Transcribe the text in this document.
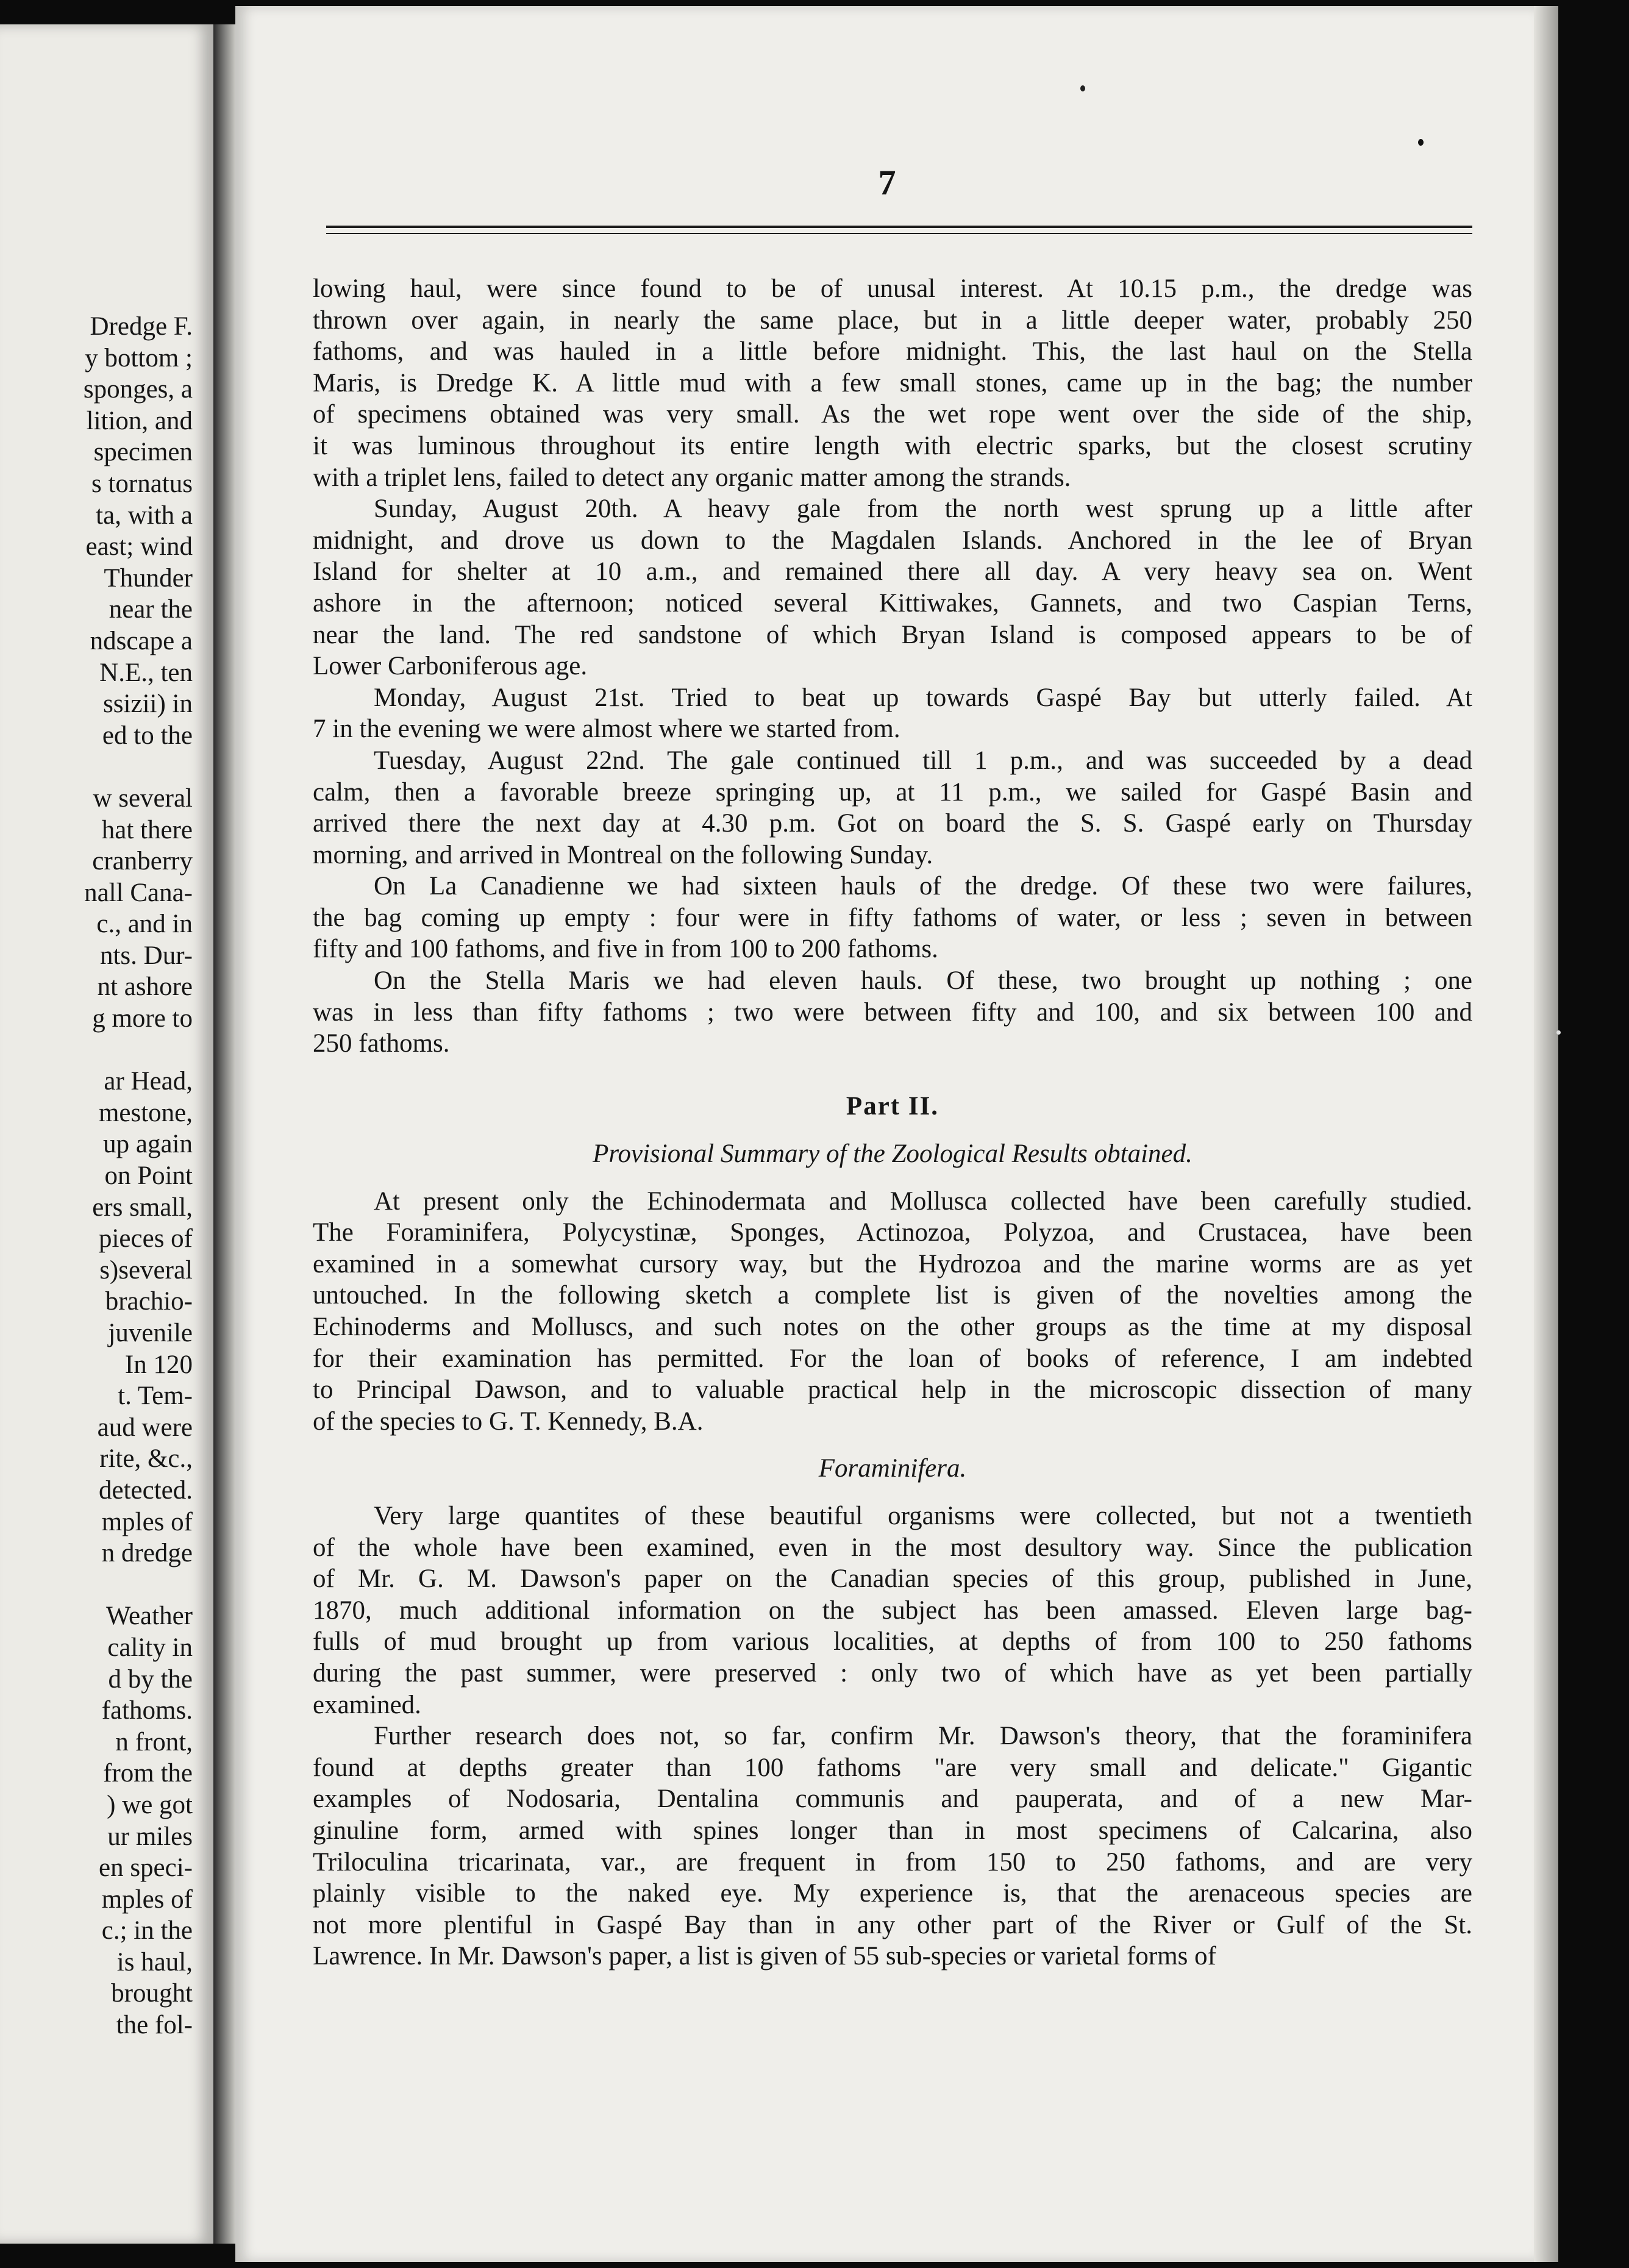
Dredge F.
y bottom ;
sponges, a
lition, and
specimen
s tornatus
ta, with a
east; wind
Thunder
near the
ndscape a
N.E., ten
ssizii) in
ed to the
w several
hat there
cranberry
nall Cana-
c., and in
nts. Dur-
nt ashore
g more to
ar Head,
mestone,
up again
on Point
ers small,
pieces of
s)several
brachio-
juvenile
In 120
t. Tem-
aud were
rite, &c.,
detected.
mples of
n dredge
Weather
cality in
d by the
fathoms.
n front,
from the
) we got
ur miles
en speci-
mples of
c.; in the
is haul,
brought
the fol-
7
lowing haul, were since found to be of unusal interest. At 10.15 p.m., the dredge was
thrown over again, in nearly the same place, but in a little deeper water, probably 250
fathoms, and was hauled in a little before midnight. This, the last haul on the Stella
Maris, is Dredge K. A little mud with a few small stones, came up in the bag; the number
of specimens obtained was very small. As the wet rope went over the side of the ship,
it was luminous throughout its entire length with electric sparks, but the closest scrutiny
with a triplet lens, failed to detect any organic matter among the strands.
Sunday, August 20th. A heavy gale from the north west sprung up a little after
midnight, and drove us down to the Magdalen Islands. Anchored in the lee of Bryan
Island for shelter at 10 a.m., and remained there all day. A very heavy sea on. Went
ashore in the afternoon; noticed several Kittiwakes, Gannets, and two Caspian Terns,
near the land. The red sandstone of which Bryan Island is composed appears to be of
Lower Carboniferous age.
Monday, August 21st. Tried to beat up towards Gaspé Bay but utterly failed. At
7 in the evening we were almost where we started from.
Tuesday, August 22nd. The gale continued till 1 p.m., and was succeeded by a dead
calm, then a favorable breeze springing up, at 11 p.m., we sailed for Gaspé Basin and
arrived there the next day at 4.30 p.m. Got on board the S. S. Gaspé early on Thursday
morning, and arrived in Montreal on the following Sunday.
On La Canadienne we had sixteen hauls of the dredge. Of these two were failures,
the bag coming up empty : four were in fifty fathoms of water, or less ; seven in between
fifty and 100 fathoms, and five in from 100 to 200 fathoms.
On the Stella Maris we had eleven hauls. Of these, two brought up nothing ; one
was in less than fifty fathoms ; two were between fifty and 100, and six between 100 and
250 fathoms.
Part II.
Provisional Summary of the Zoological Results obtained.
At present only the Echinodermata and Mollusca collected have been carefully studied.
The Foraminifera, Polycystinæ, Sponges, Actinozoa, Polyzoa, and Crustacea, have been
examined in a somewhat cursory way, but the Hydrozoa and the marine worms are as yet
untouched. In the following sketch a complete list is given of the novelties among the
Echinoderms and Molluscs, and such notes on the other groups as the time at my disposal
for their examination has permitted. For the loan of books of reference, I am indebted
to Principal Dawson, and to valuable practical help in the microscopic dissection of many
of the species to G. T. Kennedy, B.A.
Foraminifera.
Very large quantites of these beautiful organisms were collected, but not a twentieth
of the whole have been examined, even in the most desultory way. Since the publication
of Mr. G. M. Dawson's paper on the Canadian species of this group, published in June,
1870, much additional information on the subject has been amassed. Eleven large bag-
fulls of mud brought up from various localities, at depths of from 100 to 250 fathoms
during the past summer, were preserved : only two of which have as yet been partially
examined.
Further research does not, so far, confirm Mr. Dawson's theory, that the foraminifera
found at depths greater than 100 fathoms "are very small and delicate." Gigantic
examples of Nodosaria, Dentalina communis and pauperata, and of a new Mar-
ginuline form, armed with spines longer than in most specimens of Calcarina, also
Triloculina tricarinata, var., are frequent in from 150 to 250 fathoms, and are very
plainly visible to the naked eye. My experience is, that the arenaceous species are
not more plentiful in Gaspé Bay than in any other part of the River or Gulf of the St.
Lawrence. In Mr. Dawson's paper, a list is given of 55 sub-species or varietal forms of
